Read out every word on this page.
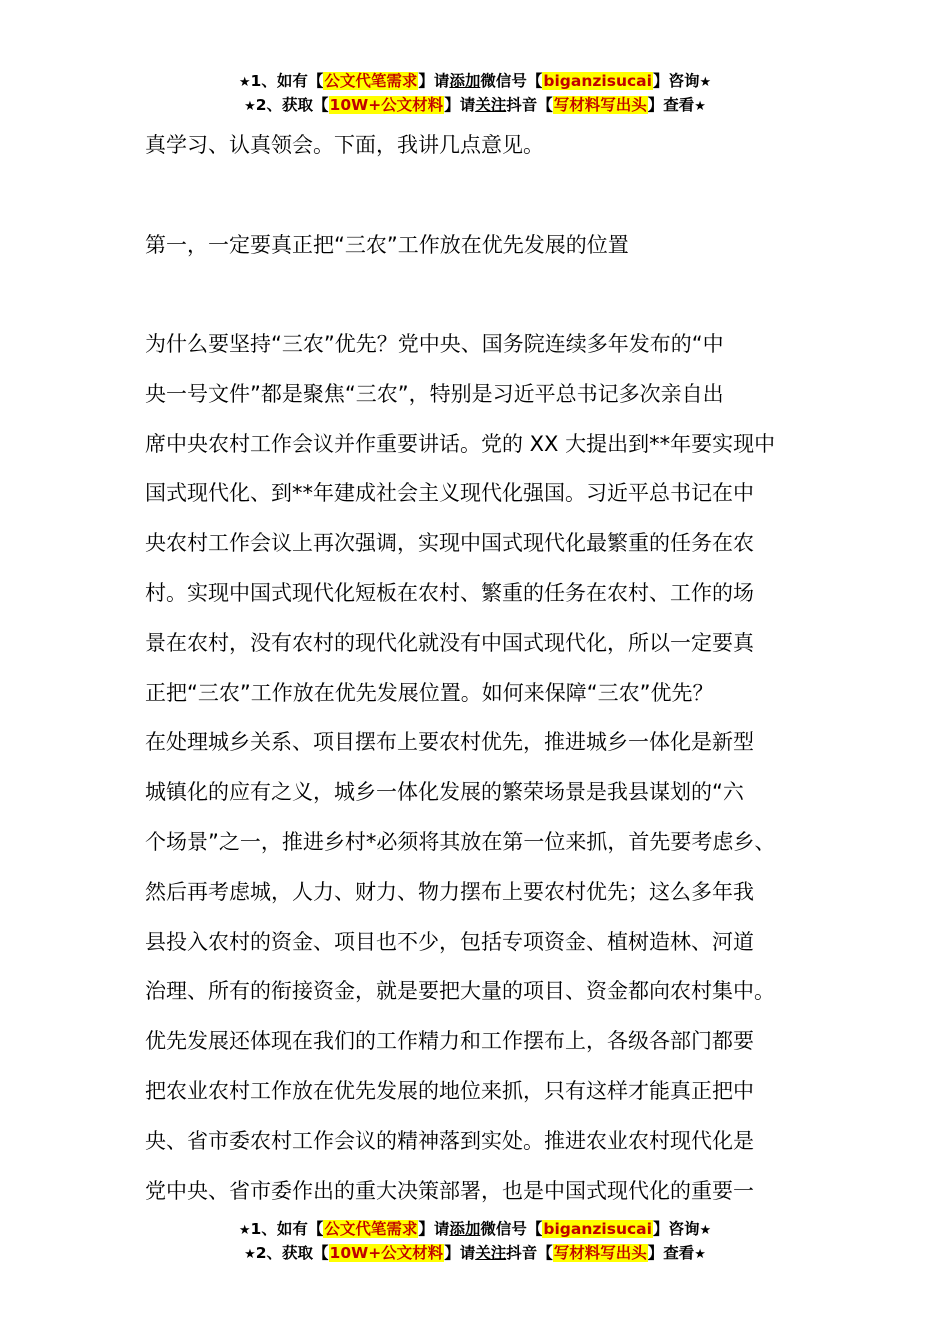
★1、如有【公文代笔需求】请添加微信号【biganzisucai】咨询★
★2、获取【10W+公文材料】请关注抖音【写材料写出头】查看★
真学习、认真领会。下面，我讲几点意见。
第一，一定要真正把“三农”工作放在优先发展的位置
为什么要坚持“三农”优先？党中央、国务院连续多年发布的“中
央一号文件”都是聚焦“三农”，特别是习近平总书记多次亲自出
席中央农村工作会议并作重要讲话。党的 XX 大提出到**年要实现中
国式现代化、到**年建成社会主义现代化强国。习近平总书记在中
央农村工作会议上再次强调，实现中国式现代化最繁重的任务在农
村。实现中国式现代化短板在农村、繁重的任务在农村、工作的场
景在农村，没有农村的现代化就没有中国式现代化，所以一定要真
正把“三农”工作放在优先发展位置。如何来保障“三农”优先？
在处理城乡关系、项目摆布上要农村优先，推进城乡一体化是新型
城镇化的应有之义，城乡一体化发展的繁荣场景是我县谋划的“六
个场景”之一，推进乡村*必须将其放在第一位来抓，首先要考虑乡、
然后再考虑城，人力、财力、物力摆布上要农村优先；这么多年我
县投入农村的资金、项目也不少，包括专项资金、植树造林、河道
治理、所有的衔接资金，就是要把大量的项目、资金都向农村集中。
优先发展还体现在我们的工作精力和工作摆布上，各级各部门都要
把农业农村工作放在优先发展的地位来抓，只有这样才能真正把中
央、省市委农村工作会议的精神落到实处。推进农业农村现代化是
党中央、省市委作出的重大决策部署，也是中国式现代化的重要一
★1、如有【公文代笔需求】请添加微信号【biganzisucai】咨询★
★2、获取【10W+公文材料】请关注抖音【写材料写出头】查看★
